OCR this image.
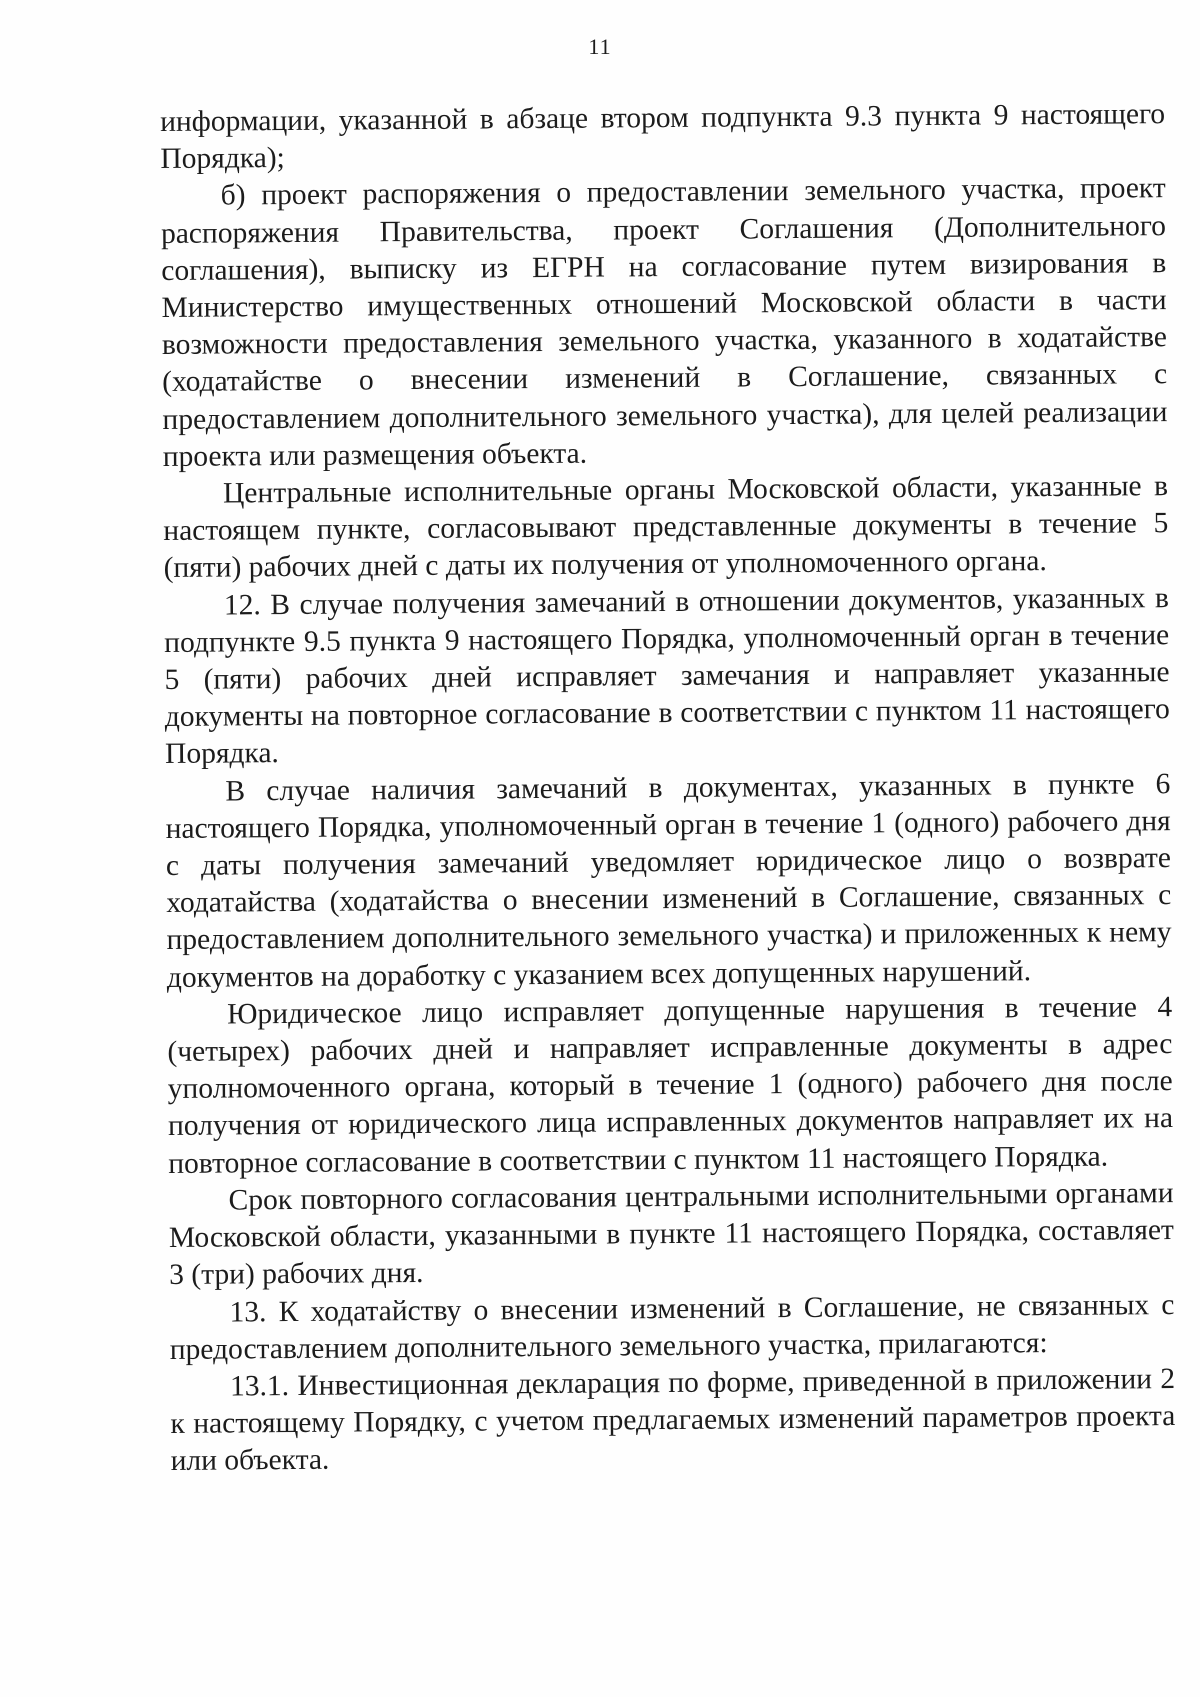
11

информации, указанной в абзаце втором подпункта 9.3 пункта 9 настоящего Порядка);

б) проект распоряжения о предоставлении земельного участка, проект распоряжения Правительства, проект Соглашения (Дополнительного соглашения), выписку из ЕГРН на согласование путем визирования в Министерство имущественных отношений Московской области в части возможности предоставления земельного участка, указанного в ходатайстве (ходатайстве о внесении изменений в Соглашение, связанных с предоставлением дополнительного земельного участка), для целей реализации проекта или размещения объекта.

Центральные исполнительные органы Московской области, указанные в настоящем пункте, согласовывают представленные документы в течение 5 (пяти) рабочих дней с даты их получения от уполномоченного органа.

12. В случае получения замечаний в отношении документов, указанных в подпункте 9.5 пункта 9 настоящего Порядка, уполномоченный орган в течение 5 (пяти) рабочих дней исправляет замечания и направляет указанные документы на повторное согласование в соответствии с пунктом 11 настоящего Порядка.

В случае наличия замечаний в документах, указанных в пункте 6 настоящего Порядка, уполномоченный орган в течение 1 (одного) рабочего дня с даты получения замечаний уведомляет юридическое лицо о возврате ходатайства (ходатайства о внесении изменений в Соглашение, связанных с предоставлением дополнительного земельного участка) и приложенных к нему документов на доработку с указанием всех допущенных нарушений.

Юридическое лицо исправляет допущенные нарушения в течение 4 (четырех) рабочих дней и направляет исправленные документы в адрес уполномоченного органа, который в течение 1 (одного) рабочего дня после получения от юридического лица исправленных документов направляет их на повторное согласование в соответствии с пунктом 11 настоящего Порядка.

Срок повторного согласования центральными исполнительными органами Московской области, указанными в пункте 11 настоящего Порядка, составляет 3 (три) рабочих дня.

13. К ходатайству о внесении изменений в Соглашение, не связанных с предоставлением дополнительного земельного участка, прилагаются:

13.1. Инвестиционная декларация по форме, приведенной в приложении 2 к настоящему Порядку, с учетом предлагаемых изменений параметров проекта или объекта.
